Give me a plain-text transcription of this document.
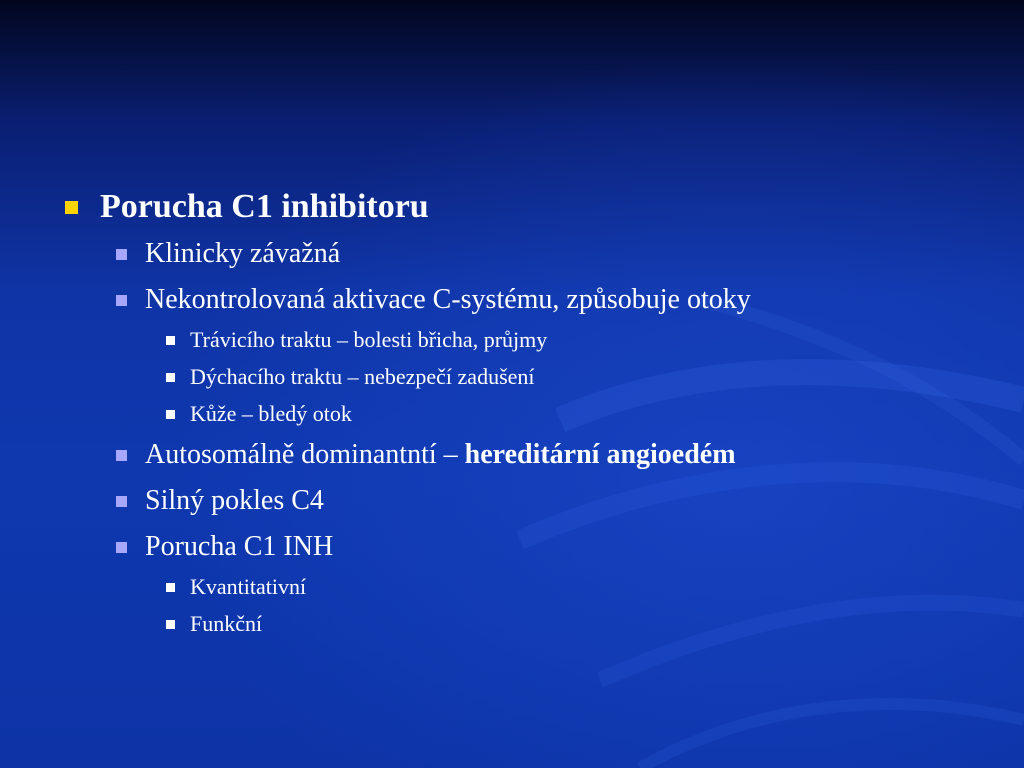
Porucha C1 inhibitoru
Klinicky závažná
Nekontrolovaná aktivace C-systému, způsobuje otoky
Trávicího traktu – bolesti břicha, průjmy
Dýchacího traktu – nebezpečí zadušení
Kůže – bledý otok
Autosomálně dominantntí – hereditární angioedém
Silný pokles C4
Porucha C1 INH
Kvantitativní
Funkční
